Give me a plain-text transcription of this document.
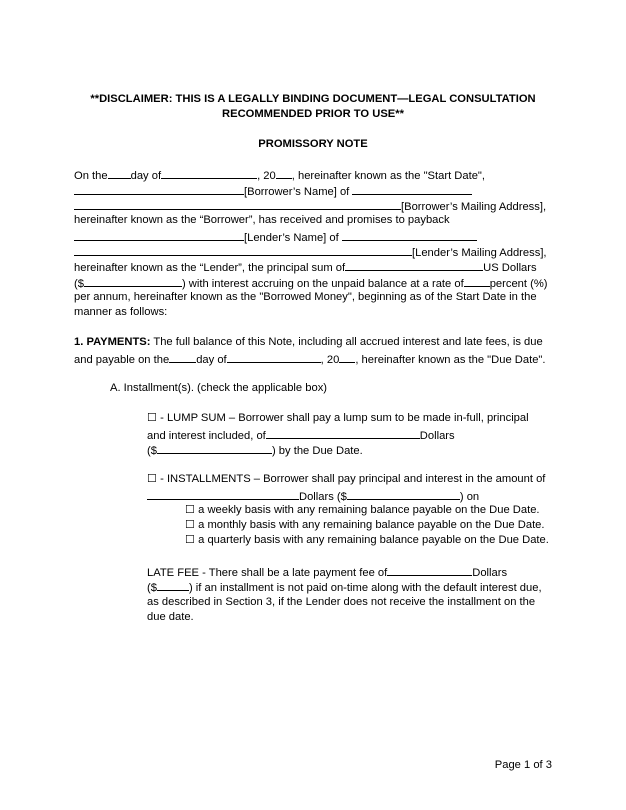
**DISCLAIMER: THIS IS A LEGALLY BINDING DOCUMENT—LEGAL CONSULTATION
RECOMMENDED PRIOR TO USE**
PROMISSORY NOTE
On the day of	, 20 , hereinafter known as the "Start Date",
[Borrower’s Name] of
[Borrower’s Mailing Address],
hereinafter known as the “Borrower”, has received and promises to payback
[Lender’s Name] of
[Lender’s Mailing Address],
hereinafter known as the “Lender”, the principal sum of	US Dollars
($	) with interest accruing on the unpaid balance at a rate of percent (%)
per annum, hereinafter known as the "Borrowed Money", beginning as of the Start Date in the
manner as follows:
1. PAYMENTS: The full balance of this Note, including all accrued interest and late fees, is due
and payable on the day of	, 20 , hereinafter known as the "Due Date".
A. Installment(s). (check the applicable box)
☐ - LUMP SUM – Borrower shall pay a lump sum to be made in-full, principal
and interest included, of	Dollars
($	) by the Due Date.
☐ - INSTALLMENTS – Borrower shall pay principal and interest in the amount of
Dollars ($	) on
☐ a weekly basis with any remaining balance payable on the Due Date.
☐ a monthly basis with any remaining balance payable on the Due Date.
☐ a quarterly basis with any remaining balance payable on the Due Date.
LATE FEE - There shall be a late payment fee of	Dollars
($	) if an installment is not paid on-time along with the default interest due,
as described in Section 3, if the Lender does not receive the installment on the
due date.
Page 1 of 3
